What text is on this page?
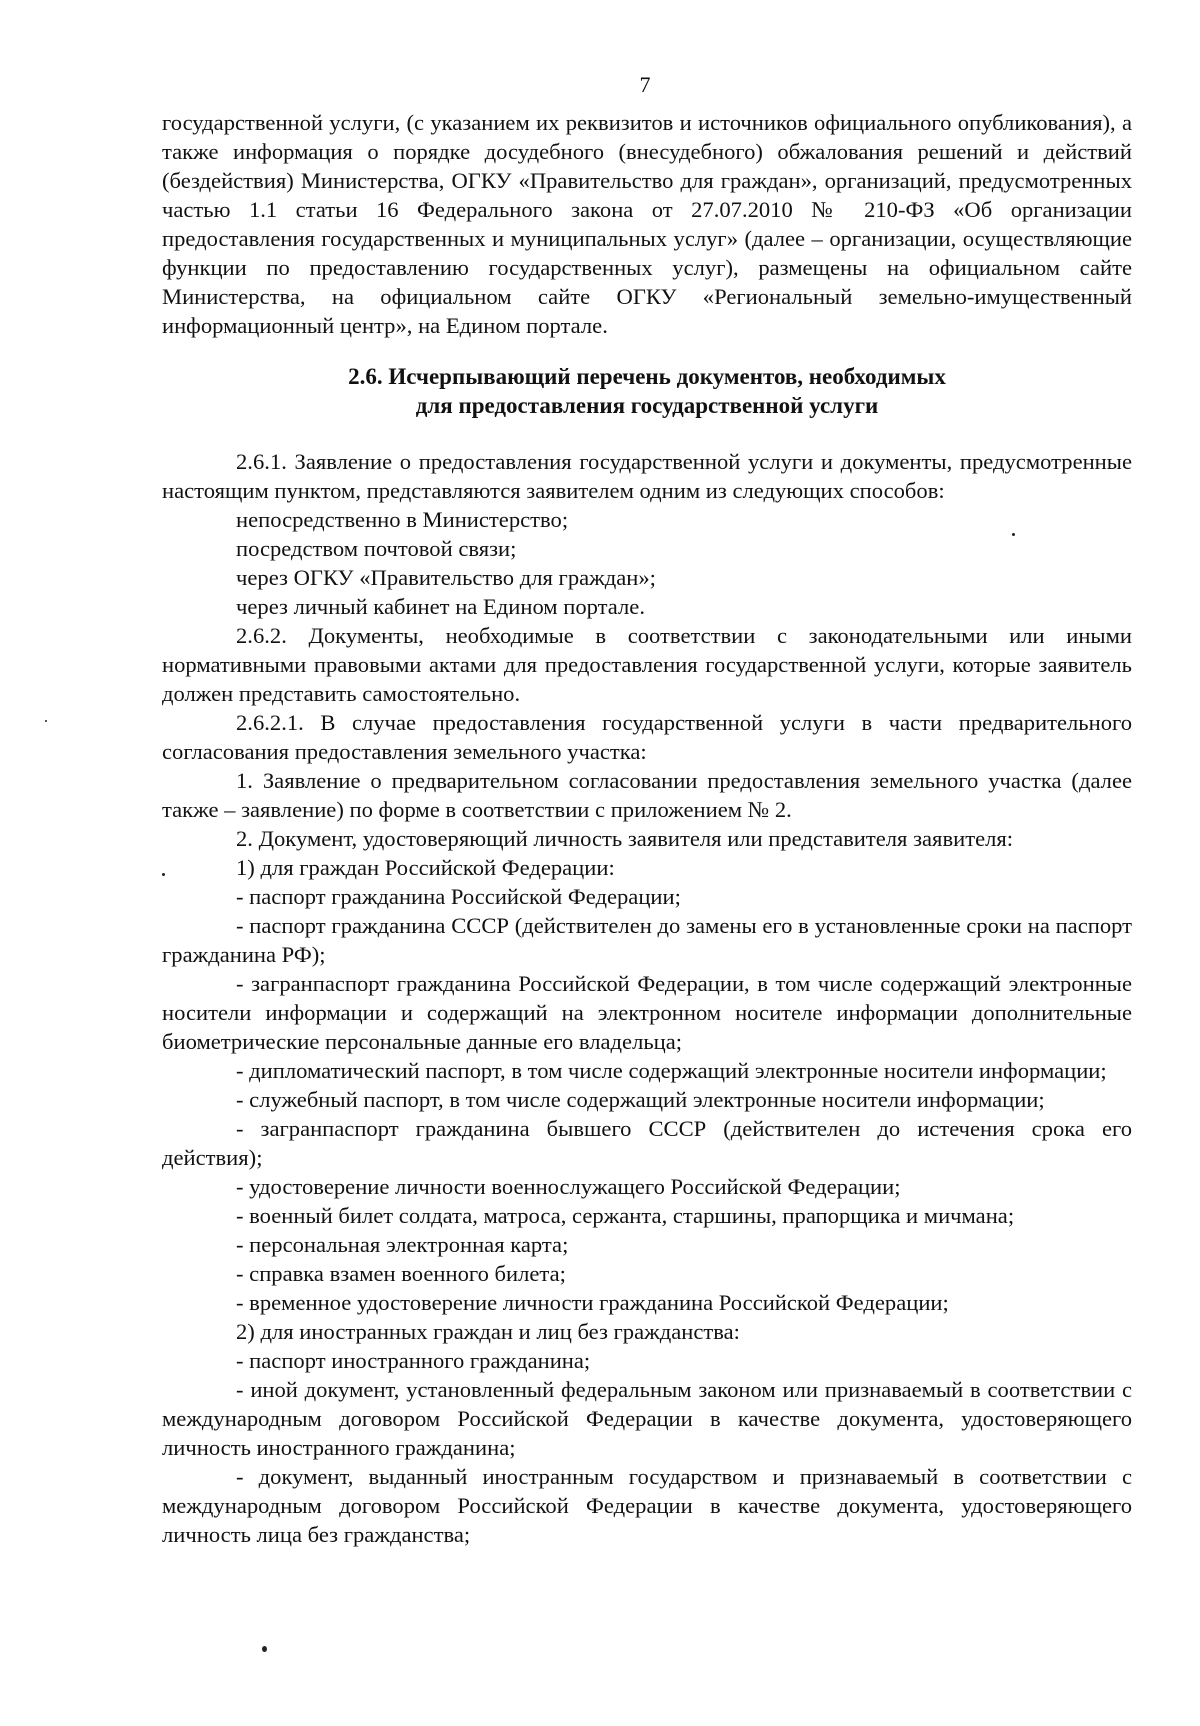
7

государственной услуги, (с указанием их реквизитов и источников официального опубликования), а также информация о порядке досудебного (внесудебного) обжалования решений и действий (бездействия) Министерства, ОГКУ «Правительство для граждан», организаций, предусмотренных частью 1.1 статьи 16 Федерального закона от 27.07.2010 № 210-ФЗ «Об организации предоставления государственных и муниципальных услуг» (далее – организации, осуществляющие функции по предоставлению государственных услуг), размещены на официальном сайте Министерства, на официальном сайте ОГКУ «Региональный земельно-имущественный информационный центр», на Едином портале.

2.6. Исчерпывающий перечень документов, необходимых
для предоставления государственной услуги

2.6.1. Заявление о предоставления государственной услуги и документы, предусмотренные настоящим пунктом, представляются заявителем одним из следующих способов:

непосредственно в Министерство;

посредством почтовой связи;

через ОГКУ «Правительство для граждан»;

через личный кабинет на Едином портале.

2.6.2. Документы, необходимые в соответствии с законодательными или иными нормативными правовыми актами для предоставления государственной услуги, которые заявитель должен представить самостоятельно.

2.6.2.1. В случае предоставления государственной услуги в части предварительного согласования предоставления земельного участка:

1. Заявление о предварительном согласовании предоставления земельного участка (далее также – заявление) по форме в соответствии с приложением № 2.

2. Документ, удостоверяющий личность заявителя или представителя заявителя:

1) для граждан Российской Федерации:

- паспорт гражданина Российской Федерации;

- паспорт гражданина СССР (действителен до замены его в установленные сроки на паспорт гражданина РФ);

- загранпаспорт гражданина Российской Федерации, в том числе содержащий электронные носители информации и содержащий на электронном носителе информации дополнительные биометрические персональные данные его владельца;

- дипломатический паспорт, в том числе содержащий электронные носители информации;

- служебный паспорт, в том числе содержащий электронные носители информации;

- загранпаспорт гражданина бывшего СССР (действителен до истечения срока его действия);

- удостоверение личности военнослужащего Российской Федерации;

- военный билет солдата, матроса, сержанта, старшины, прапорщика и мичмана;

- персональная электронная карта;

- справка взамен военного билета;

- временное удостоверение личности гражданина Российской Федерации;

2) для иностранных граждан и лиц без гражданства:

- паспорт иностранного гражданина;

- иной документ, установленный федеральным законом или признаваемый в соответствии с международным договором Российской Федерации в качестве документа, удостоверяющего личность иностранного гражданина;

- документ, выданный иностранным государством и признаваемый в соответствии с международным договором Российской Федерации в качестве документа, удостоверяющего личность лица без гражданства;
